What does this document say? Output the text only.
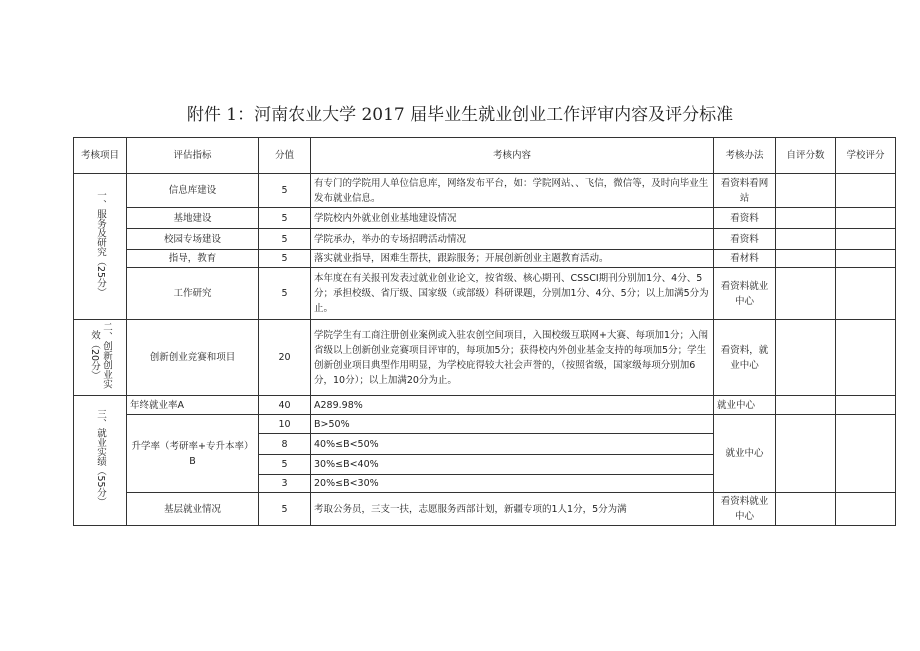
附件 1：河南农业大学 2017 届毕业生就业创业工作评审内容及评分标准
考核项目	评估指标	分值	考核内容	考核办法	自评分数	学校评分
一、服务及研究（25分）	信息库建设	5	有专门的学院用人单位信息库，网络发布平台，如：学院网站、、飞信，微信等，及时向毕业生发布就业信息。	看资料看网站		
	基地建设	5	学院校内外就业创业基地建设情况	看资料		
	校园专场建设	5	学院承办，举办的专场招聘活动情况	看资料		
	指导，教育	5	落实就业指导，困难生帮扶，跟踪服务；开展创新创业主题教育活动。	看材料		
	工作研究	5	本年度在有关报刊发表过就业创业论文，按省级、核心期刊、CSSCI期刊分别加1分、4分、5分；承担校级、省厅级、国家级（或部级）科研课题，分别加1分、4分、5分；以上加满5分为止。	看资料就业中心		
二、创新创业实效（20分）	创新创业竞赛和项目	20	学院学生有工商注册创业案例或入驻农创空间项目，入围校级互联网+大赛、每项加1分；入闱省级以上创新创业竞赛项目评审的，每项加5分；获得校内外创业基金支持的每项加5分；学生创新创业项目典型作用明显，为学校庇得较大社会声誉的，（按照省级，国家级每项分别加6分，10分）；以上加满20分为止。	看资料，就业中心		
三、就业实绩（55分）	年终就业率A	40	A289.98%	就业中心		
	升学率（考研率+专升本率）B	10	B>50%	就业中心		
		8	40%≤B<50%			
		5	30%≤B<40%			
		3	20%≤B<30%			
	基层就业情况	5	考取公务员，三支一扶，志愿服务西部计划，新疆专项的1人1分，5分为满	看资料就业中心		
